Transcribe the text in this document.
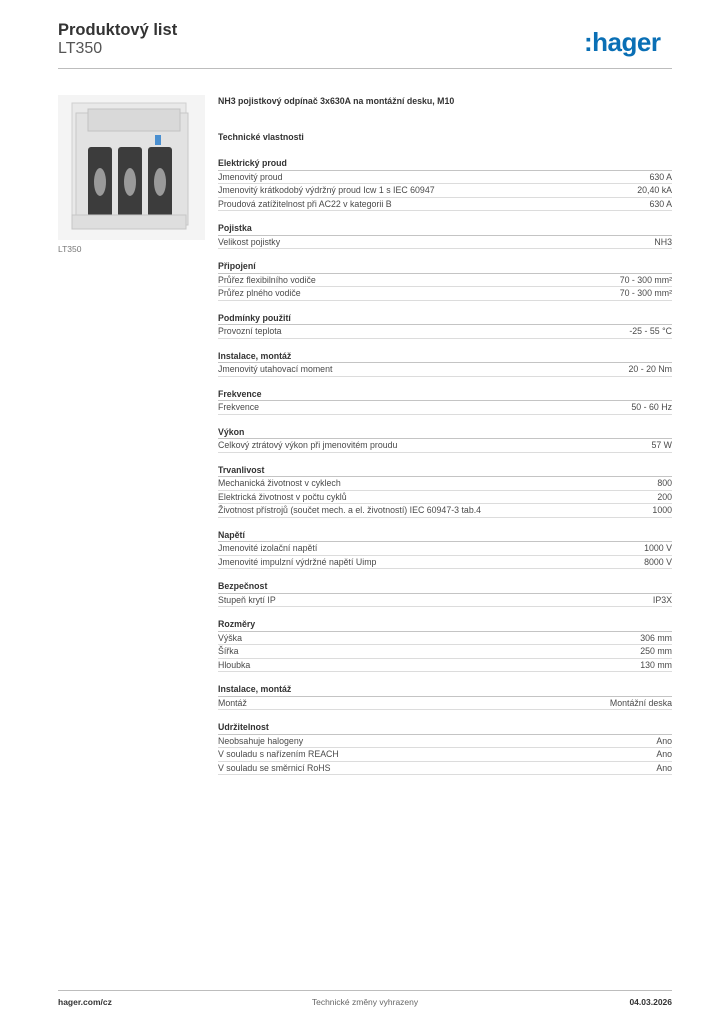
Produktový list
LT350	:hager
LT350
NH3 pojistkový odpínač 3x630A na montážní desku, M10
Technické vlastnosti
Elektrický proud
Jmenovitý proud	630 A
Jmenovitý krátkodobý výdržný proud Icw 1 s IEC 60947	20,40 kA
Proudová zatížitelnost při AC22 v kategorii B	630 A
Pojistka
Velikost pojistky	NH3
Připojení
Průřez flexibilního vodiče	70 - 300 mm²
Průřez plného vodiče	70 - 300 mm²
Podmínky použití
Provozní teplota	-25 - 55 °C
Instalace, montáž
Jmenovitý utahovací moment	20 - 20 Nm
Frekvence
Frekvence	50 - 60 Hz
Výkon
Celkový ztrátový výkon při jmenovitém proudu	57 W
Trvanlivost
Mechanická životnost v cyklech	800
Elektrická životnost v počtu cyklů	200
Životnost přístrojů (součet mech. a el. životností) IEC 60947-3 tab.4	1000
Napětí
Jmenovité izolační napětí	1000 V
Jmenovité impulzní výdržné napětí Uimp	8000 V
Bezpečnost
Stupeň krytí IP	IP3X
Rozměry
Výška	306 mm
Šířka	250 mm
Hloubka	130 mm
Instalace, montáž
Montáž	Montážní deska
Udržitelnost
Neobsahuje halogeny	Ano
V souladu s nařízením REACH	Ano
V souladu se směrnicí RoHS	Ano
hager.com/cz	Technické změny vyhrazeny	04.03.2026
